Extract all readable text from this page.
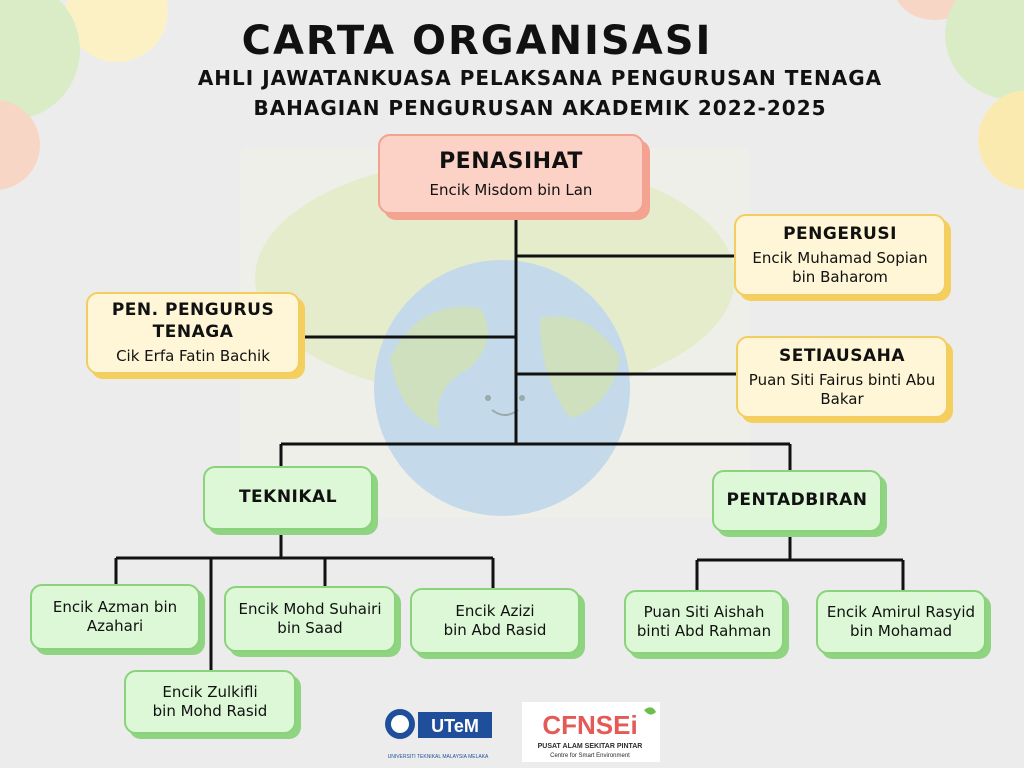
CARTA ORGANISASI
AHLI JAWATANKUASA PELAKSANA PENGURUSAN TENAGA
BAHAGIAN PENGURUSAN AKADEMIK 2022-2025
PENASIHAT
Encik Misdom bin Lan
PENGERUSI
Encik Muhamad Sopian
bin Baharom
PEN. PENGURUS
TENAGA
Cik Erfa Fatin Bachik	SETIAUSAHA
Puan Siti Fairus binti Abu
Bakar
TEKNIKAL	PENTADBIRAN
Encik Azman bin
Azahari
Encik Zulkifli
bin Mohd Rasid
Encik Mohd Suhairi
bin Saad
Encik Azizi
bin Abd Rasid
Puan Siti Aishah
binti Abd Rahman
Encik Amirul Rasyid
bin Mohamad
UTeM
UNIVERSITI TEKNIKAL MALAYSIA MELAKA
CFNSEi
PUSAT ALAM SEKITAR PINTAR
Centre for Smart Environment
